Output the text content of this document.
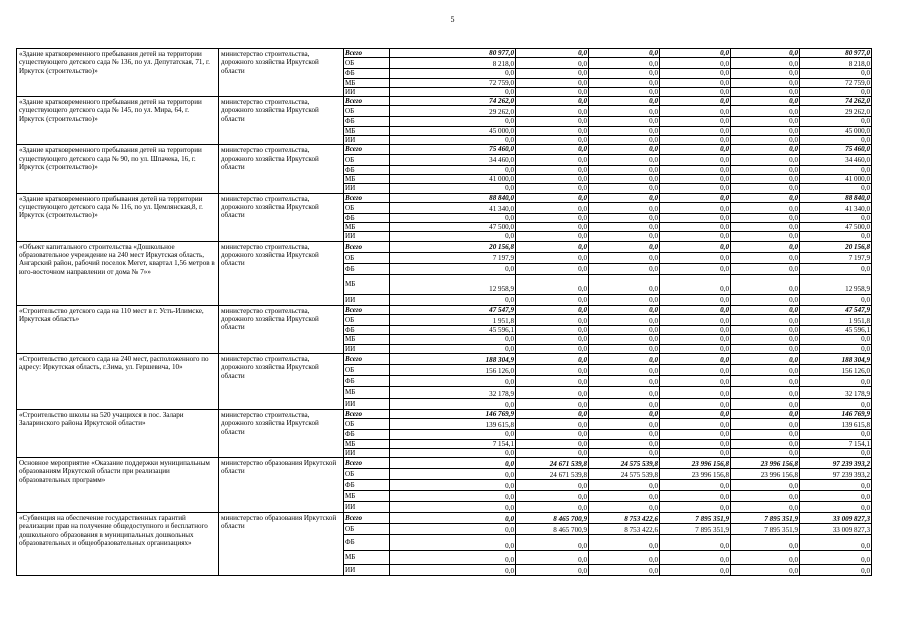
5
«Здание кратковременного пребывания детей на территории существующего детского сада № 136, по ул. Депутатская, 71, г. Иркутск (строительство)»	министерство строительства, дорожного хозяйства Иркутской области	Всего	80 977,0	0,0	0,0	0,0	0,0	80 977,0
		ОБ	8 218,0	0,0	0,0	0,0	0,0	8 218,0
		ФБ	0,0	0,0	0,0	0,0	0,0	0,0
		МБ	72 759,0	0,0	0,0	0,0	0,0	72 759,0
		ИИ	0,0	0,0	0,0	0,0	0,0	0,0
«Здание кратковременного пребывания детей на территории существующего детского сада № 145, по ул. Мира, 64, г. Иркутск (строительство)»	министерство строительства, дорожного хозяйства Иркутской области	Всего	74 262,0	0,0	0,0	0,0	0,0	74 262,0
		ОБ	29 262,0	0,0	0,0	0,0	0,0	29 262,0
		ФБ	0,0	0,0	0,0	0,0	0,0	0,0
		МБ	45 000,0	0,0	0,0	0,0	0,0	45 000,0
		ИИ	0,0	0,0	0,0	0,0	0,0	0,0
«Здание кратковременного пребывания детей на территории существующего детского сада № 90, по ул. Шпачека, 16, г. Иркутск (строительство)»	министерство строительства, дорожного хозяйства Иркутской области	Всего	75 460,0	0,0	0,0	0,0	0,0	75 460,0
		ОБ	34 460,0	0,0	0,0	0,0	0,0	34 460,0
		ФБ	0,0	0,0	0,0	0,0	0,0	0,0
		МБ	41 000,0	0,0	0,0	0,0	0,0	41 000,0
		ИИ	0,0	0,0	0,0	0,0	0,0	0,0
«Здание кратковременного прибывания детей на территории существующего детского сада № 116, по ул. Цемлянская,8, г. Иркутск (строительство)»	министерство строительства, дорожного хозяйства Иркутской области	Всего	88 840,0	0,0	0,0	0,0	0,0	88 840,0
		ОБ	41 340,0	0,0	0,0	0,0	0,0	41 340,0
		ФБ	0,0	0,0	0,0	0,0	0,0	0,0
		МБ	47 500,0	0,0	0,0	0,0	0,0	47 500,0
		ИИ	0,0	0,0	0,0	0,0	0,0	0,0
«Объект капитального строительства «Дошкольное образовательное учреждение на 240 мест Иркутская область, Ангарский район, рабочий поселок Мегет, квартал 1,56 метров в юго-восточном направлении от дома № 7»»	министерство строительства, дорожного хозяйства Иркутской области	Всего	20 156,8	0,0	0,0	0,0	0,0	20 156,8
		ОБ	7 197,9	0,0	0,0	0,0	0,0	7 197,9
		ФБ	0,0	0,0	0,0	0,0	0,0	0,0
		МБ	12 958,9	0,0	0,0	0,0	0,0	12 958,9
		ИИ	0,0	0,0	0,0	0,0	0,0	0,0
«Строительство детского сада на 110 мест в г. Усть-Илимске, Иркутская область»	министерство строительства, дорожного хозяйства Иркутской области	Всего	47 547,9	0,0	0,0	0,0	0,0	47 547,9
		ОБ	1 951,8	0,0	0,0	0,0	0,0	1 951,8
		ФБ	45 596,1	0,0	0,0	0,0	0,0	45 596,1
		МБ	0,0	0,0	0,0	0,0	0,0	0,0
		ИИ	0,0	0,0	0,0	0,0	0,0	0,0
«Строительство детского сада на 240 мест, расположенного по адресу: Иркутская область, г.Зима, ул. Гершевича, 10»	министерство строительства, дорожного хозяйства Иркутской области	Всего	188 304,9	0,0	0,0	0,0	0,0	188 304,9
		ОБ	156 126,0	0,0	0,0	0,0	0,0	156 126,0
		ФБ	0,0	0,0	0,0	0,0	0,0	0,0
		МБ	32 178,9	0,0	0,0	0,0	0,0	32 178,9
		ИИ	0,0	0,0	0,0	0,0	0,0	0,0
«Строительство школы на 520 учащихся в пос. Залари Заларинского района Иркутской области»	министерство строительства, дорожного хозяйства Иркутской области	Всего	146 769,9	0,0	0,0	0,0	0,0	146 769,9
		ОБ	139 615,8	0,0	0,0	0,0	0,0	139 615,8
		ФБ	0,0	0,0	0,0	0,0	0,0	0,0
		МБ	7 154,1	0,0	0,0	0,0	0,0	7 154,1
		ИИ	0,0	0,0	0,0	0,0	0,0	0,0
Основное мероприятие «Оказание поддержки муниципальным образованиям Иркутской области при реализации образовательных программ»	министерство образования Иркутской области	Всего	0,0	24 671 539,8	24 575 539,8	23 996 156,8	23 996 156,8	97 239 393,2
		ОБ	0,0	24 671 539,8	24 575 539,8	23 996 156,8	23 996 156,8	97 239 393,2
		ФБ	0,0	0,0	0,0	0,0	0,0	0,0
		МБ	0,0	0,0	0,0	0,0	0,0	0,0
		ИИ	0,0	0,0	0,0	0,0	0,0	0,0
«Субвенция на обеспечение государственных гарантий реализации прав на получение общедоступного и бесплатного дошкольного образования в муниципальных дошкольных образовательных и общеобразовательных организациях»	министерство образования Иркутской области	Всего	0,0	8 465 700,9	8 753 422,6	7 895 351,9	7 895 351,9	33 009 827,3
		ОБ	0,0	8 465 700,9	8 753 422,6	7 895 351,9	7 895 351,9	33 009 827,3
		ФБ	0,0	0,0	0,0	0,0	0,0	0,0
		МБ	0,0	0,0	0,0	0,0	0,0	0,0
		ИИ	0,0	0,0	0,0	0,0	0,0	0,0
